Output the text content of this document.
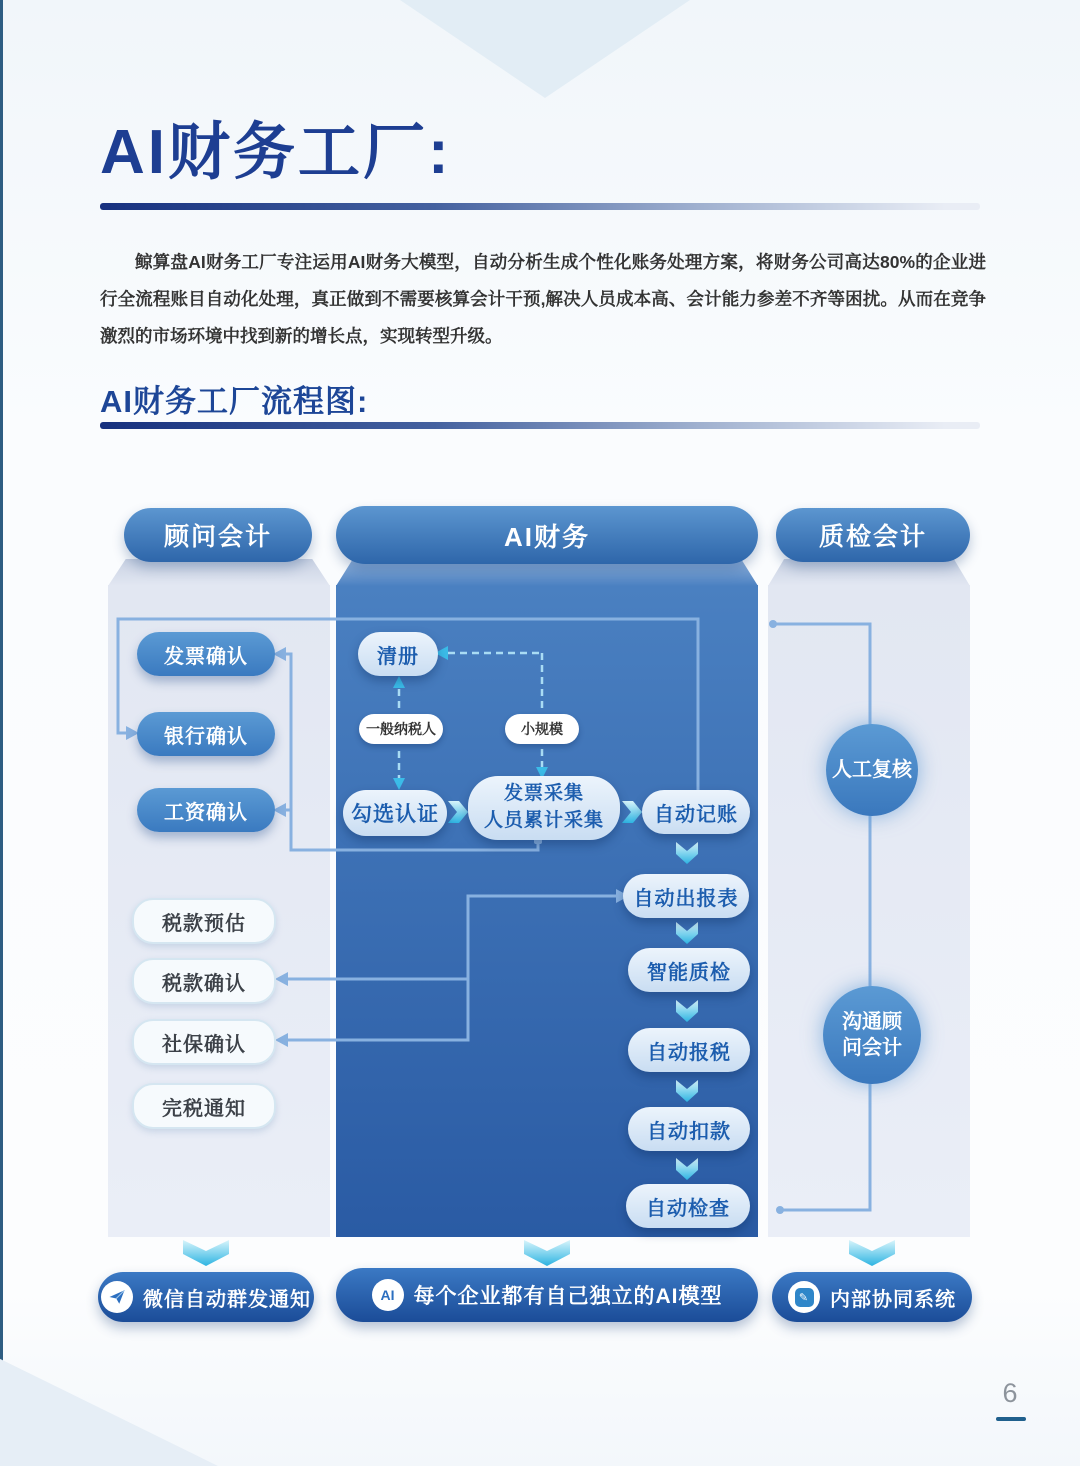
AI财务工厂:

鲸算盘AI财务工厂专注运用AI财务大模型，自动分析生成个性化账务处理方案，将财务公司高达80%的企业进行全流程账目自动化处理，真正做到不需要核算会计干预,解决人员成本高、会计能力参差不齐等困扰。从而在竞争激烈的市场环境中找到新的增长点，实现转型升级。

AI财务工厂流程图:
顾问会计	AI财务	质检会计
发票确认
银行确认
工资确认
税款预估
税款确认
社保确认
完税通知
清册
一般纳税人	小规模
勾选认证
发票采集
人员累计采集	自动记账
自动出报表
智能质检
自动报税
自动扣款
自动检查
人工复核
沟通顾问会计
微信自动群发通知	AI 每个企业都有自己独立的AI模型	✎ 内部协同系统
6
